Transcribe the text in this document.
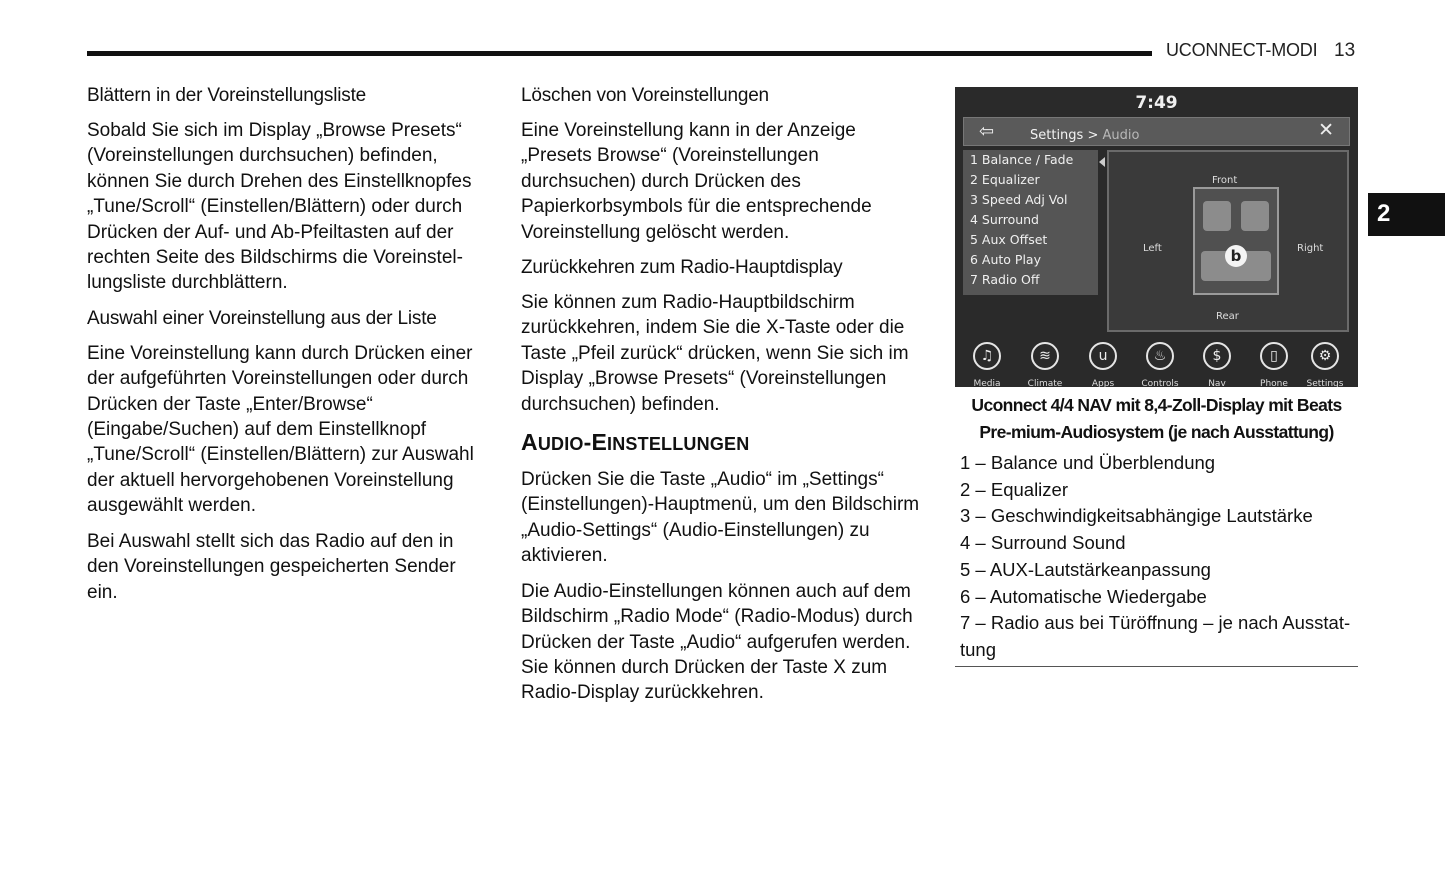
UCONNECT-MODI 13
2
Blättern in der Voreinstellungsliste

Sobald Sie sich im Display „Browse Presets“ (Voreinstellungen durchsuchen) befinden, können Sie durch Drehen des Einstellknopfes „Tune/Scroll“ (Einstellen/Blättern) oder durch Drücken der Auf- und Ab-Pfeiltasten auf der rechten Seite des Bildschirms die Voreinstel-lungsliste durchblättern.

Auswahl einer Voreinstellung aus der Liste

Eine Voreinstellung kann durch Drücken einer der aufgeführten Voreinstellungen oder durch Drücken der Taste „Enter/Browse“ (Eingabe/Suchen) auf dem Einstellknopf „Tune/Scroll“ (Einstellen/Blättern) zur Auswahl der aktuell hervorgehobenen Voreinstellung ausgewählt werden.

Bei Auswahl stellt sich das Radio auf den in den Voreinstellungen gespeicherten Sender ein.

Löschen von Voreinstellungen

Eine Voreinstellung kann in der Anzeige „Presets Browse“ (Voreinstellungen durchsuchen) durch Drücken des Papierkorbsymbols für die entsprechende Voreinstellung gelöscht werden.

Zurückkehren zum Radio-Hauptdisplay

Sie können zum Radio-Hauptbildschirm zurückkehren, indem Sie die X-Taste oder die Taste „Pfeil zurück“ drücken, wenn Sie sich im Display „Browse Presets“ (Voreinstellungen durchsuchen) befinden.

AUDIO-EINSTELLUNGEN

Drücken Sie die Taste „Audio“ im „Settings“ (Einstellungen)-Hauptmenü, um den Bildschirm „Audio-Settings“ (Audio-Einstellungen) zu aktivieren.

Die Audio-Einstellungen können auch auf dem Bildschirm „Radio Mode“ (Radio-Modus) durch Drücken der Taste „Audio“ aufgerufen werden. Sie können durch Drücken der Taste X zum Radio-Display zurückkehren.

7:49
⇦	Settings > Audio	✕
1 Balance / Fade
2 Equalizer
3 Speed Adj Vol
4 Surround
5 Aux Offset
6 Auto Play
7 Radio Off
Front
Rear
Left	Right
b
♫
Media
≋
Climate
u
Apps
♨
Controls
$
Nav
▯
Phone
⚙
Settings
Uconnect 4/4 NAV mit 8,4-Zoll-Display mit Beats Pre-mium-Audiosystem (je nach Ausstattung)
1 – Balance und Überblendung
2 – Equalizer
3 – Geschwindigkeitsabhängige Lautstärke
4 – Surround Sound
5 – AUX-Lautstärkeanpassung
6 – Automatische Wiedergabe
7 – Radio aus bei Türöffnung – je nach Ausstat-tung
